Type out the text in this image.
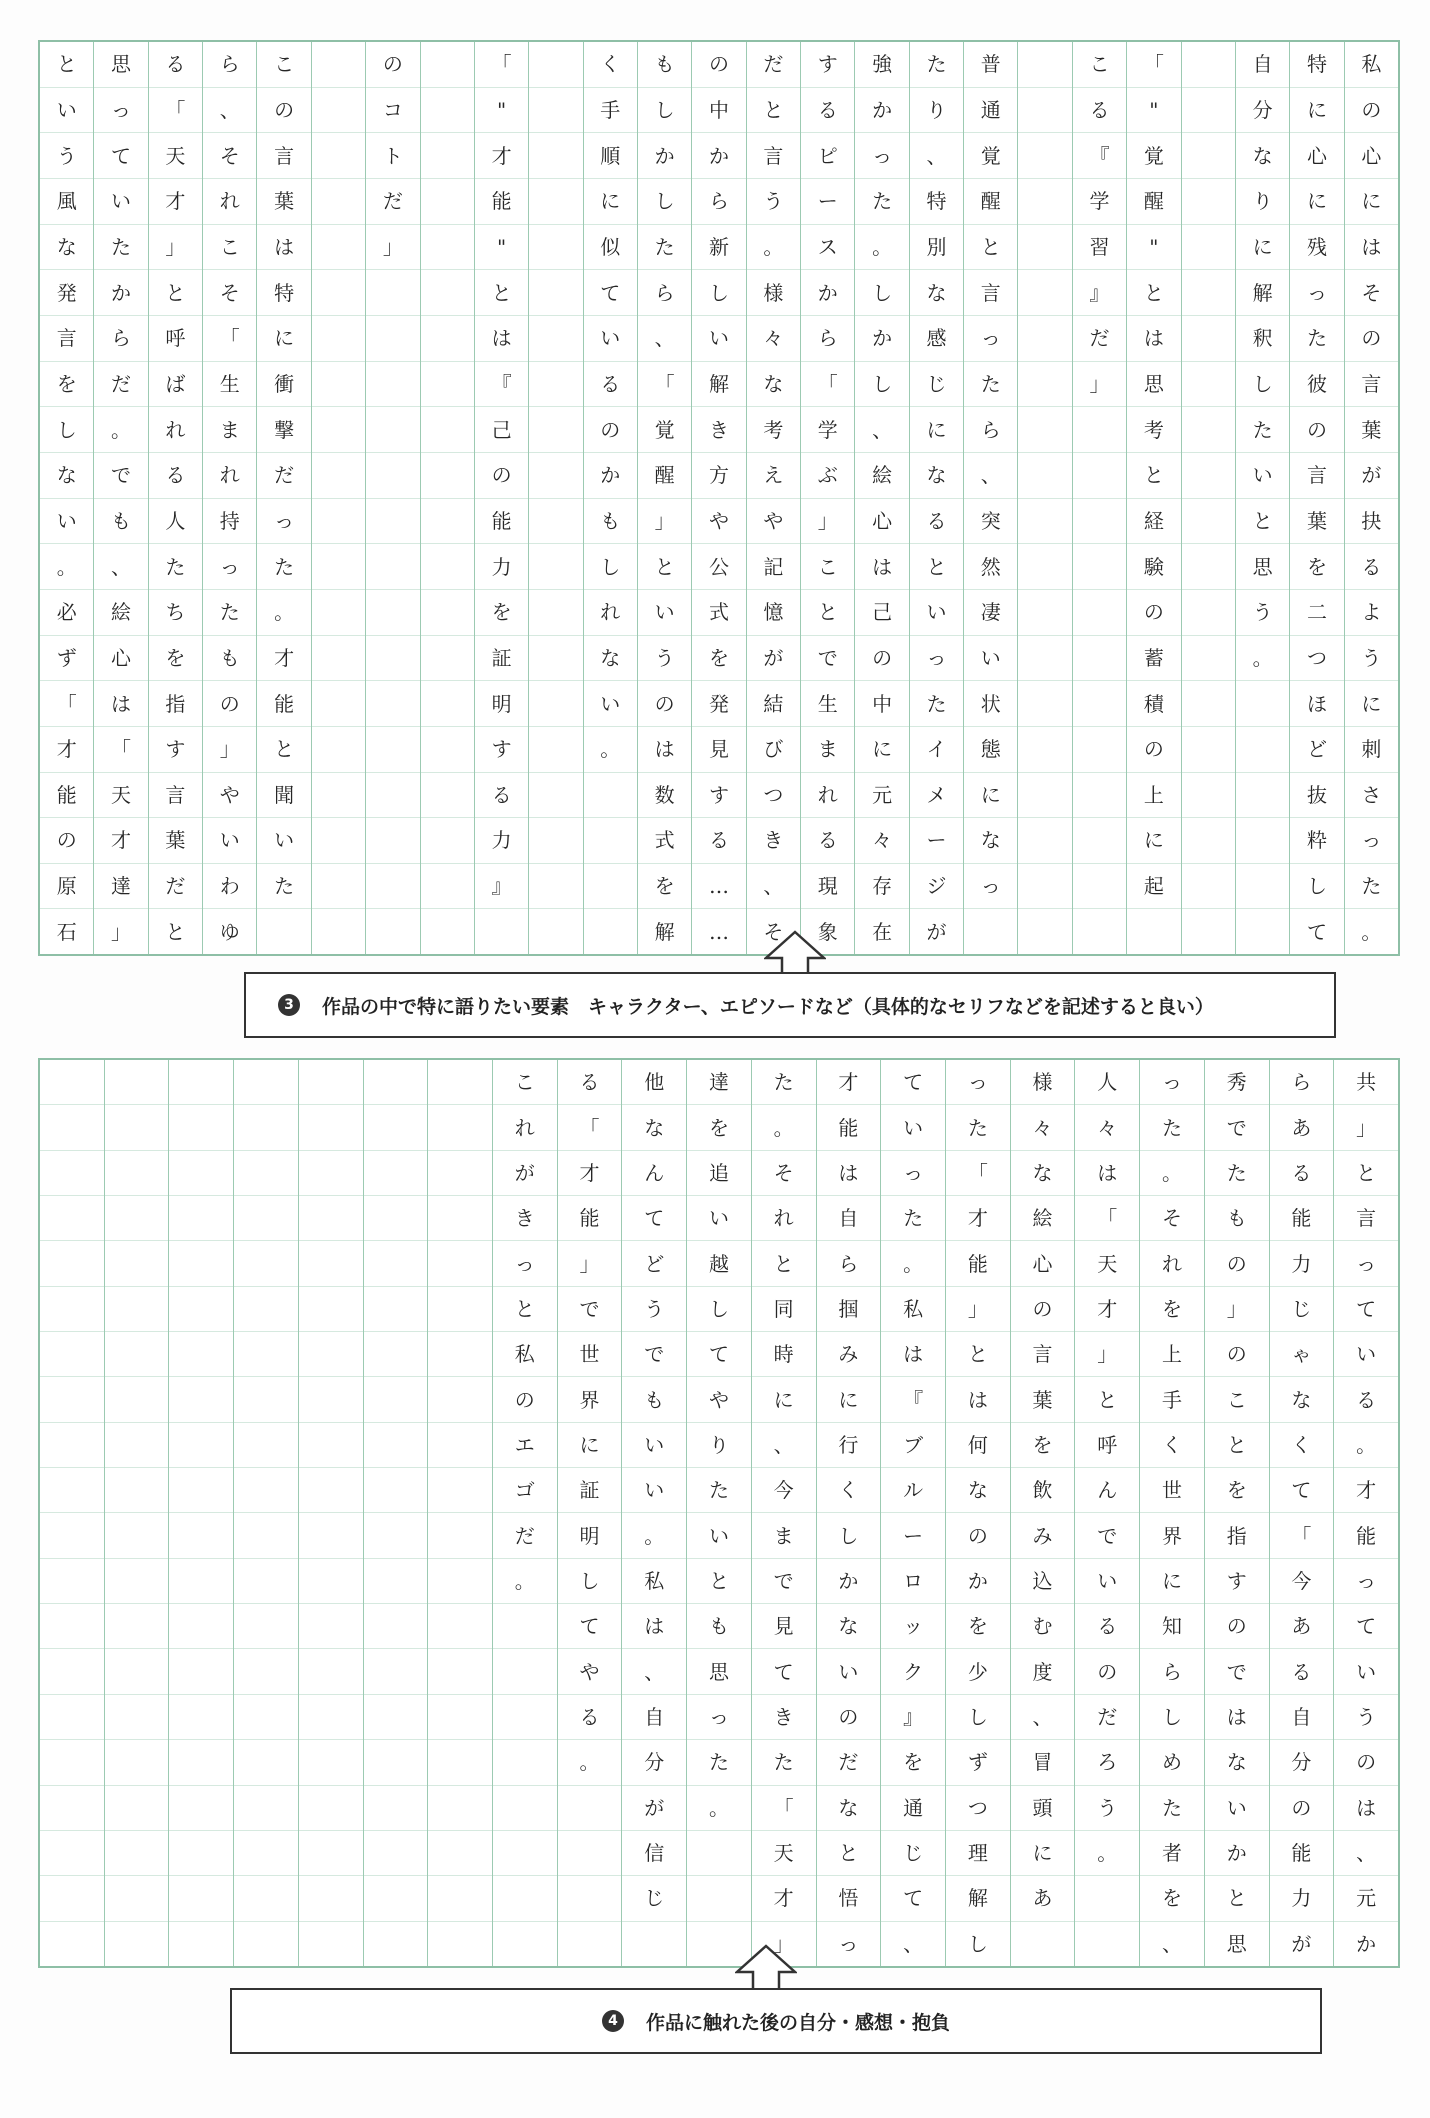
私
の
心
に
は
そ
の
言
葉
が
抉
る
よ
う
に
刺
さ
っ
た
。
特
に
心
に
残
っ
た
彼
の
言
葉
を
二
つ
ほ
ど
抜
粋
し
て
自
分
な
り
に
解
釈
し
た
い
と
思
う
。
「
"
覚
醒
"
と
は
思
考
と
経
験
の
蓄
積
の
上
に
起
こ
る
『
学
習
』
だ
」
普
通
覚
醒
と
言
っ
た
ら
、
突
然
凄
い
状
態
に
な
っ
た
り
、
特
別
な
感
じ
に
な
る
と
い
っ
た
イ
メ
ー
ジ
が
強
か
っ
た
。
し
か
し
、
絵
心
は
己
の
中
に
元
々
存
在
す
る
ピ
ー
ス
か
ら
「
学
ぶ
」
こ
と
で
生
ま
れ
る
現
象
だ
と
言
う
。
様
々
な
考
え
や
記
憶
が
結
び
つ
き
、
そ
の
中
か
ら
新
し
い
解
き
方
や
公
式
を
発
見
す
る
…
…
も
し
か
し
た
ら
、
「
覚
醒
」
と
い
う
の
は
数
式
を
解
く
手
順
に
似
て
い
る
の
か
も
し
れ
な
い
。
「
"
才
能
"
と
は
『
己
の
能
力
を
証
明
す
る
力
』
の
コ
ト
だ
」
こ
の
言
葉
は
特
に
衝
撃
だ
っ
た
。
才
能
と
聞
い
た
ら
、
そ
れ
こ
そ
「
生
ま
れ
持
っ
た
も
の
」
や
い
わ
ゆ
る
「
天
才
」
と
呼
ば
れ
る
人
た
ち
を
指
す
言
葉
だ
と
思
っ
て
い
た
か
ら
だ
。
で
も
、
絵
心
は
「
天
才
達
」
と
い
う
風
な
発
言
を
し
な
い
。
必
ず
「
才
能
の
原
石
3	作品の中で特に語りたい要素　キャラクター、エピソードなど（具体的なセリフなどを記述すると良い）
共
」
と
言
っ
て
い
る
。
才
能
っ
て
い
う
の
は
、
元
か
ら
あ
る
能
力
じ
ゃ
な
く
て
「
今
あ
る
自
分
の
能
力
が
秀
で
た
も
の
」
の
こ
と
を
指
す
の
で
は
な
い
か
と
思
っ
た
。
そ
れ
を
上
手
く
世
界
に
知
ら
し
め
た
者
を
、
人
々
は
「
天
才
」
と
呼
ん
で
い
る
の
だ
ろ
う
。
様
々
な
絵
心
の
言
葉
を
飲
み
込
む
度
、
冒
頭
に
あ
っ
た
「
才
能
」
と
は
何
な
の
か
を
少
し
ず
つ
理
解
し
て
い
っ
た
。
私
は
『
ブ
ル
ー
ロ
ッ
ク
』
を
通
じ
て
、
才
能
は
自
ら
掴
み
に
行
く
し
か
な
い
の
だ
な
と
悟
っ
た
。
そ
れ
と
同
時
に
、
今
ま
で
見
て
き
た
「
天
才
」
達
を
追
い
越
し
て
や
り
た
い
と
も
思
っ
た
。
他
な
ん
て
ど
う
で
も
い
い
。
私
は
、
自
分
が
信
じ
る
「
才
能
」
で
世
界
に
証
明
し
て
や
る
。
こ
れ
が
き
っ
と
私
の
エ
ゴ
だ
。
4	作品に触れた後の自分・感想・抱負
